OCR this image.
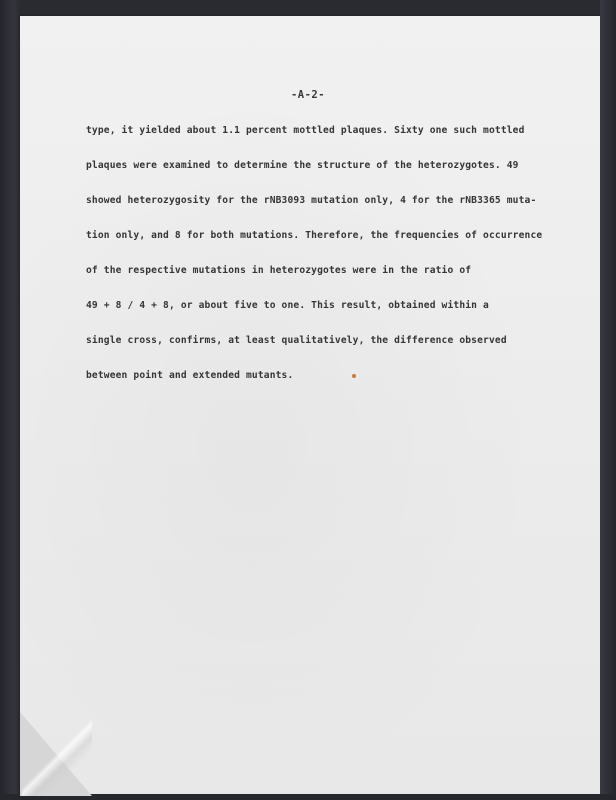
-A-2-
type, it yielded about 1.1 percent mottled plaques. Sixty one such mottled
plaques were examined to determine the structure of the heterozygotes. 49
showed heterozygosity for the rNB3093 mutation only, 4 for the rNB3365 muta-
tion only, and 8 for both mutations. Therefore, the frequencies of occurrence
of the respective mutations in heterozygotes were in the ratio of
49 + 8 / 4 + 8, or about five to one. This result, obtained within a
single cross, confirms, at least qualitatively, the difference observed
between point and extended mutants.
